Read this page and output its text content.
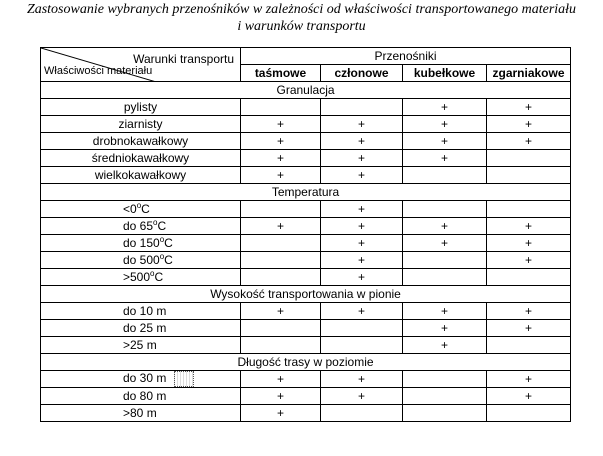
Zastosowanie wybranych przenośników w zależności od właściwości transportowanego materiału
i warunków transportu
Warunki transportu
Właściwości materiału	Przenośniki			
	taśmowe	członowe	kubełkowe	zgarniakowe
Granulacja				
pylisty			+	+
ziarnisty	+	+	+	+
drobnokawałkowy	+	+	+	+
średniokawałkowy	+	+	+	
wielkokawałkowy	+	+		
Temperatura				
$<0^oC$		+		
do $65^oC$	+	+	+	+
do 150$^o$C		+	+	+
do 500$^o$C		+		+
$>500^oC$		+		
Wysokość transportowania w pionie				
do 10 m	+	+	+	+
do 25 m			+	+
>25 m			+	
Długość trasy w poziomie				
do 30 m	+	+		+
do 80 m	+	+		+
>80 m	+			
